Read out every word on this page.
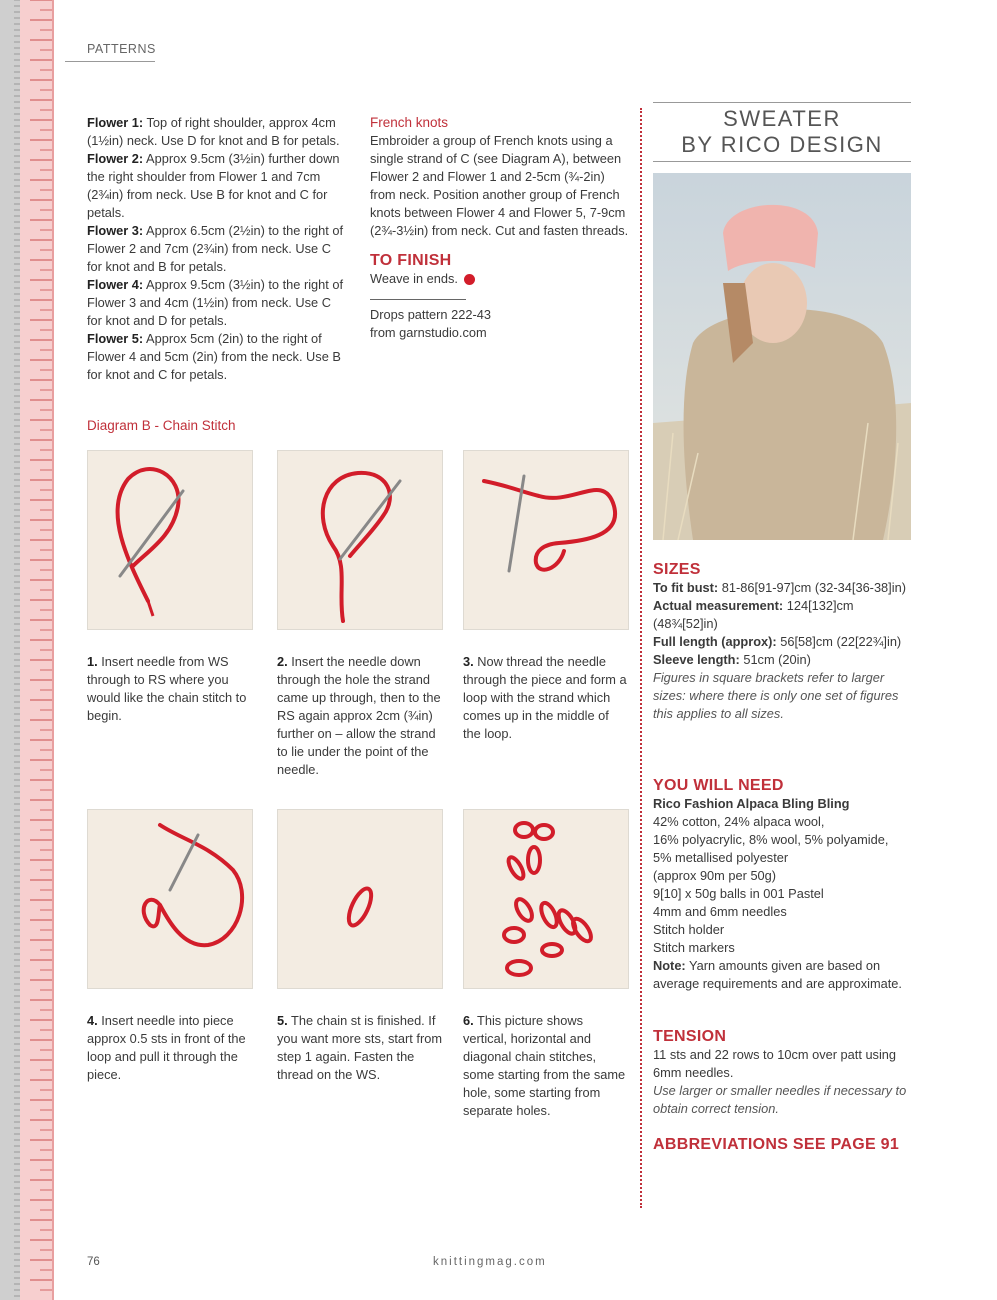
PATTERNS
Flower 1: Top of right shoulder, approx 4cm (1½in) neck. Use D for knot and B for petals.
Flower 2: Approx 9.5cm (3½in) further down the right shoulder from Flower 1 and 7cm (2¾in) from neck. Use B for knot and C for petals.
Flower 3: Approx 6.5cm (2½in) to the right of Flower 2 and 7cm (2¾in) from neck. Use C for knot and B for petals.
Flower 4: Approx 9.5cm (3½in) to the right of Flower 3 and 4cm (1½in) from neck. Use C for knot and D for petals.
Flower 5: Approx 5cm (2in) to the right of Flower 4 and 5cm (2in) from the neck. Use B for knot and C for petals.
French knots
Embroider a group of French knots using a single strand of C (see Diagram A), between Flower 2 and Flower 1 and 2-5cm (¾-2in) from neck. Position another group of French knots between Flower 4 and Flower 5, 7-9cm (2¾-3½in) from neck. Cut and fasten threads.
TO FINISH
Weave in ends.
Drops pattern 222-43
from garnstudio.com
Diagram B - Chain Stitch
1. Insert needle from WS through to RS where you would like the chain stitch to begin.
2. Insert the needle down through the hole the strand came up through, then to the RS again approx 2cm (¾in) further on – allow the strand to lie under the point of the needle.
3. Now thread the needle through the piece and form a loop with the strand which comes up in the middle of the loop.
4. Insert needle into piece approx 0.5 sts in front of the loop and pull it through the piece.
5. The chain st is finished. If you want more sts, start from step 1 again. Fasten the thread on the WS.
6. This picture shows vertical, horizontal and diagonal chain stitches, some starting from the same hole, some starting from separate holes.
SWEATER
BY RICO DESIGN
SIZES
To fit bust: 81-86[91-97]cm (32-34[36-38]in)
Actual measurement: 124[132]cm (48¾[52]in)
Full length (approx): 56[58]cm (22[22¾]in)
Sleeve length: 51cm (20in)
Figures in square brackets refer to larger sizes: where there is only one set of figures this applies to all sizes.
YOU WILL NEED
Rico Fashion Alpaca Bling Bling
42% cotton, 24% alpaca wool,
16% polyacrylic, 8% wool, 5% polyamide,
5% metallised polyester
(approx 90m per 50g)
9[10] x 50g balls in 001 Pastel
4mm and 6mm needles
Stitch holder
Stitch markers
Note: Yarn amounts given are based on average requirements and are approximate.
TENSION
11 sts and 22 rows to 10cm over patt using 6mm needles.
Use larger or smaller needles if necessary to obtain correct tension.
ABBREVIATIONS SEE PAGE 91
76	knittingmag.com
